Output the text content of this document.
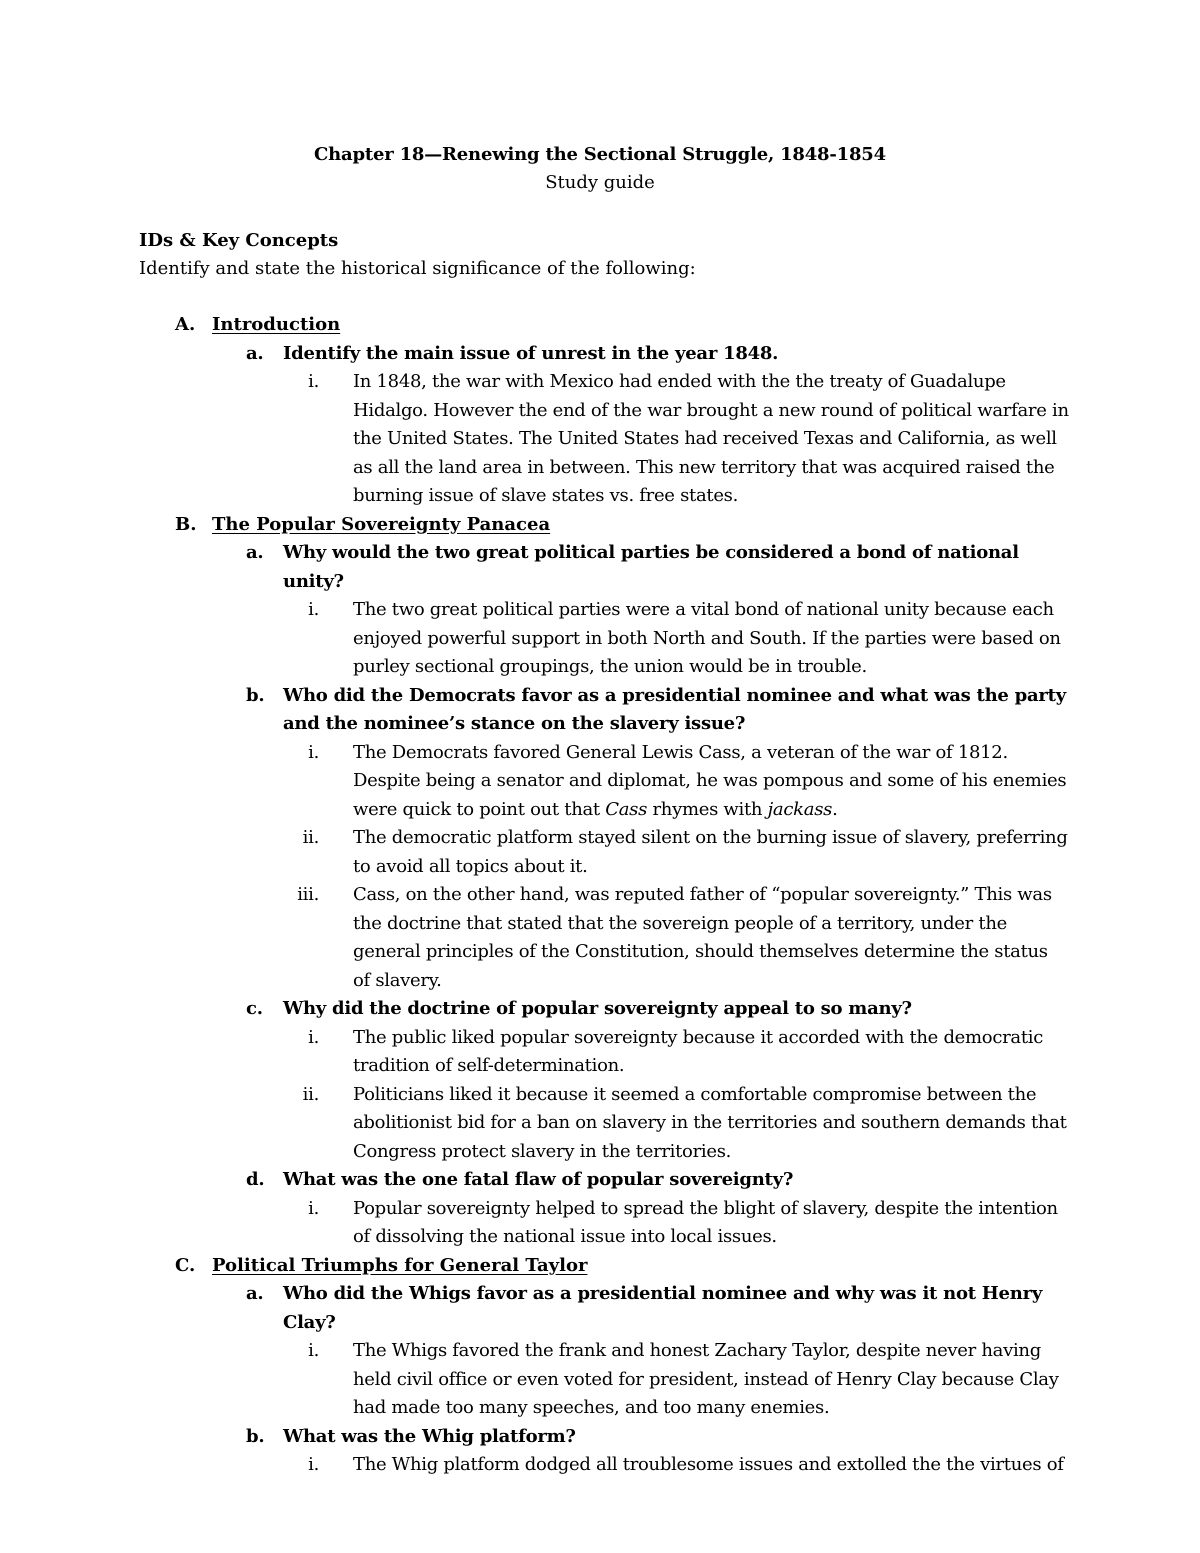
Chapter 18—Renewing the Sectional Struggle, 1848-1854

Study guide

IDs & Key Concepts

Identify and state the historical significance of the following:

A. Introduction
a. Identify the main issue of unrest in the year 1848.
i. In 1848, the war with Mexico had ended with the the treaty of Guadalupe Hidalgo. However the end of the war brought a new round of political warfare in the United States. The United States had received Texas and California, as well as all the land area in between. This new territory that was acquired raised the burning issue of slave states vs. free states.
B. The Popular Sovereignty Panacea
a. Why would the two great political parties be considered a bond of national unity?
i. The two great political parties were a vital bond of national unity because each enjoyed powerful support in both North and South. If the parties were based on purley sectional groupings, the union would be in trouble.
b. Who did the Democrats favor as a presidential nominee and what was the party and the nominee’s stance on the slavery issue?
i. The Democrats favored General Lewis Cass, a veteran of the war of 1812. Despite being a senator and diplomat, he was pompous and some of his enemies were quick to point out that Cass rhymes with jackass.
ii. The democratic platform stayed silent on the burning issue of slavery, preferring to avoid all topics about it.
iii. Cass, on the other hand, was reputed father of “popular sovereignty.” This was the doctrine that stated that the sovereign people of a territory, under the general principles of the Constitution, should themselves determine the status of slavery.
c. Why did the doctrine of popular sovereignty appeal to so many?
i. The public liked popular sovereignty because it accorded with the democratic tradition of self-determination.
ii. Politicians liked it because it seemed a comfortable compromise between the abolitionist bid for a ban on slavery in the territories and southern demands that Congress protect slavery in the territories.
d. What was the one fatal flaw of popular sovereignty?
i. Popular sovereignty helped to spread the blight of slavery, despite the intention of dissolving the national issue into local issues.
C. Political Triumphs for General Taylor
a. Who did the Whigs favor as a presidential nominee and why was it not Henry Clay?
i. The Whigs favored the frank and honest Zachary Taylor, despite never having held civil office or even voted for president, instead of Henry Clay because Clay had made too many speeches, and too many enemies.
b. What was the Whig platform?
i. The Whig platform dodged all troublesome issues and extolled the the virtues of
